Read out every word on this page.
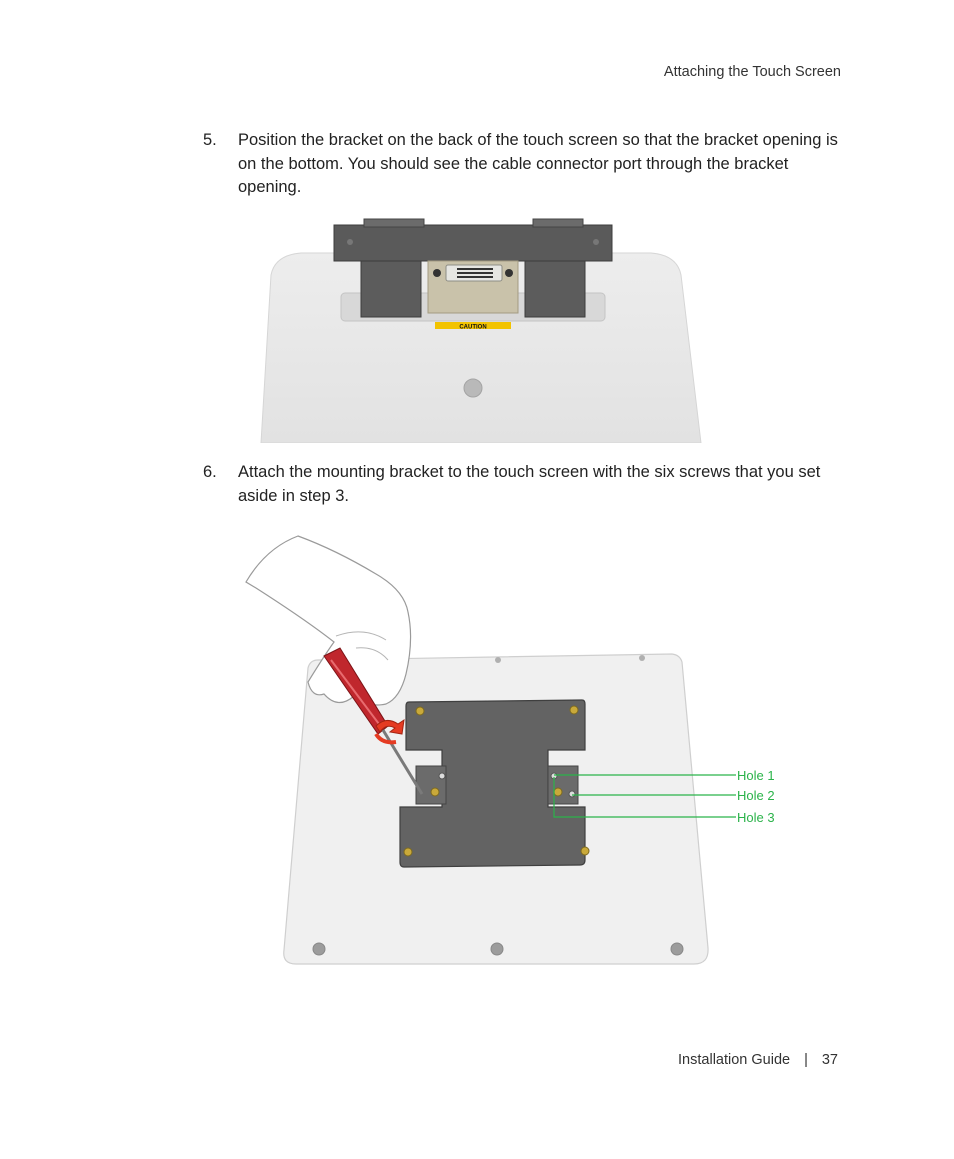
Attaching the Touch Screen
5. Position the bracket on the back of the touch screen so that the bracket opening is on the bottom. You should see the cable connector port through the bracket opening.
CAUTION
6. Attach the mounting bracket to the touch screen with the six screws that you set aside in step 3.
Hole 1
Hole 2
Hole 3
Installation Guide | 37
